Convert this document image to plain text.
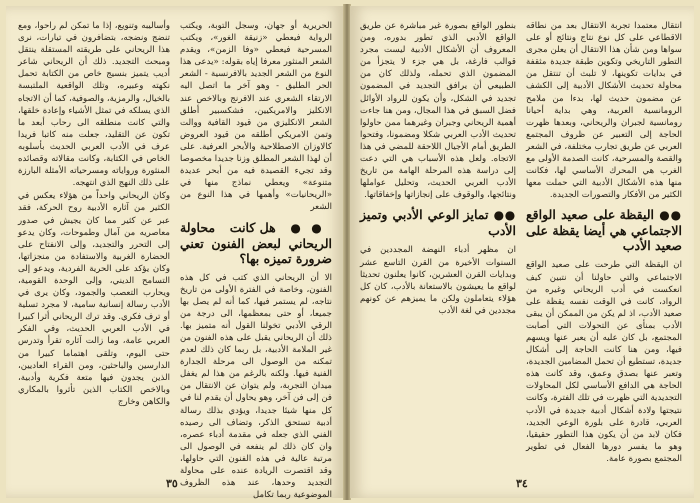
الحريرية أو جهان، وسجل التوبة، ويكتب الرواية فيعطي «زنيقة الغور»، ويكتب المسرحية فيعطي «وفا الزمن»، ويقدم الشعر المنثور معرفا إياه بقوله: «يدعى هذا النوع من الشعر الجديد بالافرنسية - الشعر الحر الطليق - وهو آخر ما اتصل اليه الارتقاء الشعري عند الافرنج وبالاخص عند الانكليز والامريكيين، فشكسبير أطلق الشعر الانكليزي من قيود القافية ووالت وتمن الامريكي أطلقه من قيود العروض كالاوزان الاصطلاحية والأبحر العرفية. على أن لهذا الشعر المطلق وزنا جديدا مخصوصا وقد تجيء القصيدة فيه من أبحر عديدة متنوعة» ويعطي نماذج منها في «الريحانيات» وأهمها في هذا النوع من الشعر

●● هل كانت محاولة الريحاني لبعض الفنون تعني ضرورة تميزه بها؟

الا أن الريحاني الذي كتب في كل هذه الفنون، وخاصة في الفترة الأولى من تاريخ نتاجه، لم يستمر فيها، كما أنه لم يصل بها جميعا، أو حتى بمعظمها، الى درجة من الرقي الأدبي تخولنا القول أنه متميز بها. ذلك أن الريحاني يقبل على هذه الفنون من غير الملامة الأدبية، بل ربما كان ذلك لعدم تمكنه من الوصول الى مرحلة الجدارة الفنية فيها. ولكنه بالرغم من هذا لم يغفل ميدان التجربة، ولم يتوان عن الانتقال من فن إلى فن آخر، وهو يحاول أن يقدم لنا في كل منها شيئا جديدا، ويؤدي بذلك رسالة أدبية تستحق الذكر، وتضاف الى رصيده الفني الذي جعله في مقدمة أدباء عصره، وان كان ذلك لم ينفعه في الوصول الى مرتبة عالية في هذه الفنون التي حاولها، وقد اقتصرت الريادة عنده على محاولة التجديد وحدها، عند هذه الظروف الموضوعية ربما تكامل

وأساليبه وتنويع، إذا ما تمكن لم راحوا، ومع تنضج ونضجه، بتضافرون في تيارات، نرى هذا الريحاني على طريقته المستقلة ينتقل ومبحث التجديد. ذلك أن الريحاني شاعر أديب يتميز بنسيج خاص من الكتابة تحمل نكهته وعبيره، وتلك الواقعية الملتبسة بالخيال، والرمزية، والصوفية، كما أن الاتجاه الذي يسلكه في تمثل الأشياء وإعادة خلقها، والتي كانت منطلقه الى رحاب أبعد ما تكون عن التقليد، جعلت منه كاتبا فريدا عرف في الأدب العربي الحديث بأسلوبه الخاص في الكتابة، وكانت مقالاته وقصائده المنثورة ورواياته ومسرحياته الأمثلة البارزة على ذلك النهج الذي انتهجه.

وكان الريحاني واحداً من هؤلاء يعكس في الكثير من آثاره الأدبية روح الحركة، فقد عبر عن كثير مما كان يجيش في صدور معاصريه من آمال وطموحات، وكان يدعو إلى التحرر والتجديد، وإلى الانفتاح على الحضارة الغربية والاستفادة من منجزاتها، وكان يؤكد على الحرية الفردية، ويدعو إلى التسامح الديني، وإلى الوحدة القومية، ويحارب التعصب والجمود، وكان يرى في الأدب رسالة إنسانية سامية، لا مجرد تسلية أو ترف فكري. وقد ترك الريحاني أثرا كبيرا في الأدب العربي الحديث، وفي الفكر العربي عامة، وما زالت آثاره تقرأ وتدرس حتى اليوم، وتلقى اهتماما كبيرا من الدارسين والباحثين، ومن القراء العاديين، الذين يجدون فيها متعة فكرية وأدبية، وبالاخص الكتاب الذين تأثروا بالمكاري والكاهن وخارج

٣٥

انتقال معتمدا تجربة الانتقال بعد من نطاقه الاقطاعي على كل نوع نتاج ونتائج أو على سواها ومن شأن هذا الانتقال أن يعلن مجرى التطور التاريخي وتكوين طبقة جديدة مثقفة في بدايات تكوينها، لا تلبث أن تنتقل من محاولة تحديث الأشكال الأدبية إلى الكشف عن مضمون حديث لها، بدءا من ملامح الرومانسية العربية، وهي بداية أحيانا رومانسية لجبران والريحاني، وبعدها ظهرت الحاجة إلى التعبير عن ظروف المجتمع العربي عن طريق تجارب مختلفة، في الشعر والقصة والمسرحية، كانت الصدمة الأولى مع الغرب هي المحرك الأساسي لها، فكانت منها هذه الأشكال الأدبية التي حملت معها الكثير من الأفكار والتصورات الجديدة.

●● اليقظة على صعيد الواقع الاجتماعي هي أيضا يقظة على صعيد الأدب

ان اليقظة التي طرحت على صعيد الواقع الاجتماعي والتي حاولنا أن نتبين كيف انعكست في أدب الريحاني وغيره من الرواد، كانت في الوقت نفسه يقظة على صعيد الأدب، اذ لم يكن من الممكن أن يبقى الأدب بمنأى عن التحولات التي أصابت المجتمع، بل كان عليه أن يعبر عنها ويسهم فيها، ومن هنا كانت الحاجة إلى أشكال جديدة، تستطيع أن تحمل المضامين الجديدة، وتعبر عنها بصدق وعمق، وقد كانت هذه الحاجة هي الدافع الأساسي لكل المحاولات التجديدية التي ظهرت في تلك الفترة، وكانت نتيجتها ولادة أشكال أدبية جديدة في الأدب العربي، قادرة على بلورة الوعي الجديد، فكان لابد من أن يكون هذا التطور حقيقيا، وهو ما يفسر دورها الفعال في تطوير المجتمع بصورة عامة.

بنطور الواقع بصورة غير مباشرة عن طريق الواقع الأدبي الذي تطور بدوره، ومن المعروف أن الأشكال الأدبية ليست مجرد قوالب فارغة، بل هي جزء لا يتجزأ من المضمون الذي تحمله، ولذلك كان من الطبيعي أن يرافق التجديد في المضمون تجديد في الشكل، وأن يكون للرواد الأوائل فضل السبق في هذا المجال، ومن هنا جاءت أهمية الريحاني وجبران وغيرهما ممن حاولوا تحديث الأدب العربي شكلا ومضمونا، وفتحوا الطريق أمام الأجيال اللاحقة للمضي في هذا الاتجاه. ولعل هذه الأسباب هي التي دعت إلى دراسة هذه المرحلة الهامة من تاريخ الأدب العربي الحديث، وتحليل عواملها ونتائجها، والوقوف على إنجازاتها وإخفاقاتها.

●● تمايز الوعي الأدبي وتميز الأدب

ان مظهر أدباء النهضة المجددين في السنوات الأخيرة من القرن التاسع عشر وبدايات القرن العشرين، كانوا يعلنون تحديثا لواقع ما يعيشون بالاستعانة بالأدب، كان كل هؤلاء يتعاملون ولكن ما يميزهم عن كونهم مجددين في لغة الأدب

٣٤
